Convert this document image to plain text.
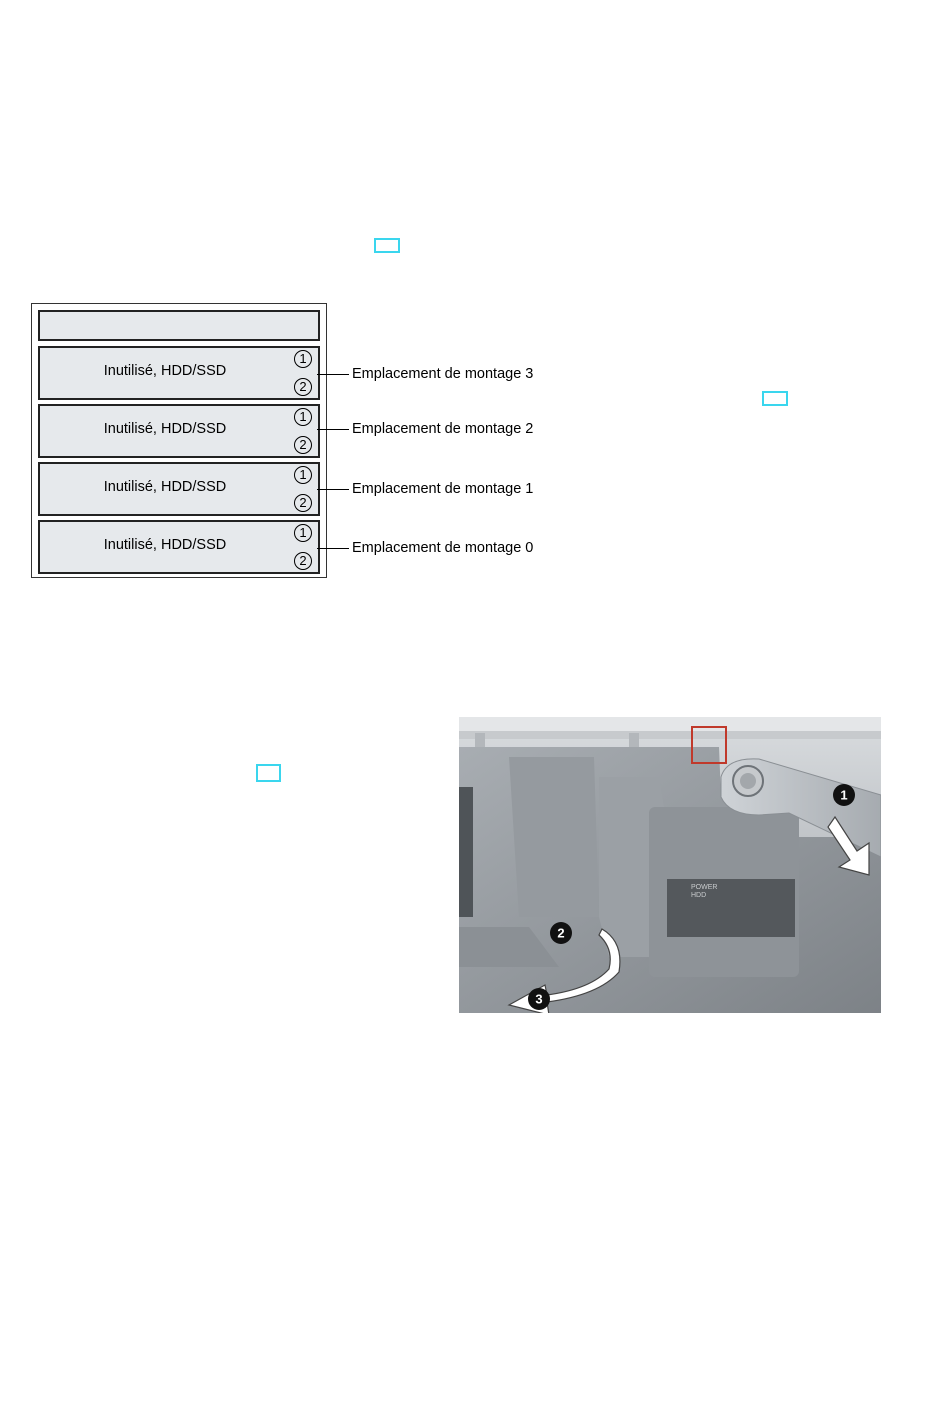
Inutilisé, HDD/SSD
1
2
Inutilisé, HDD/SSD
1
2
Inutilisé, HDD/SSD
1
2
Inutilisé, HDD/SSD
1
2
Emplacement de montage 3
Emplacement de montage 2
Emplacement de montage 1
Emplacement de montage 0
POWER
HDD
1
2
3
